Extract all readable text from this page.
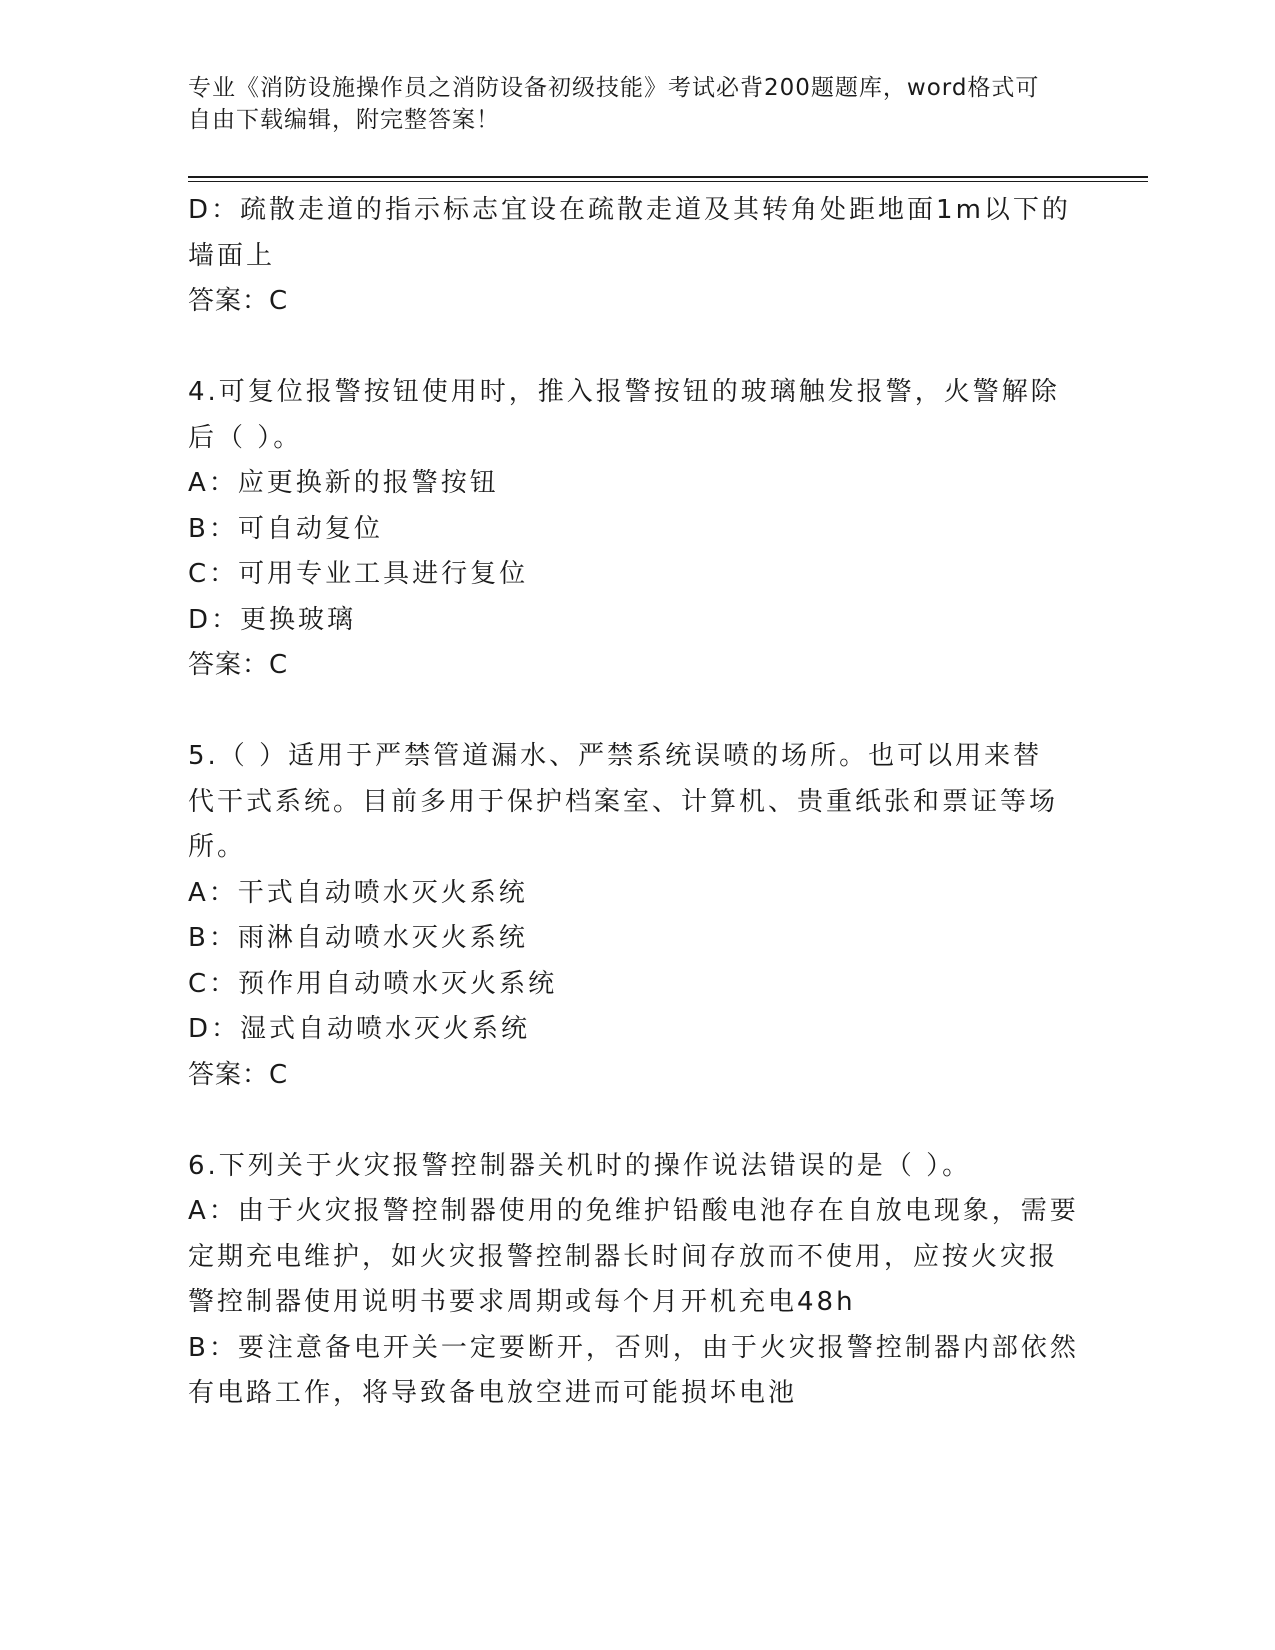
专业《消防设施操作员之消防设备初级技能》考试必背200题题库，word格式可
自由下载编辑，附完整答案！
D：疏散走道的指示标志宜设在疏散走道及其转角处距地面1m以下的
墙面上
答案：C
4.可复位报警按钮使用时，推入报警按钮的玻璃触发报警，火警解除
后（ ）。
A：应更换新的报警按钮
B：可自动复位
C：可用专业工具进行复位
D：更换玻璃
答案：C
5.（ ）适用于严禁管道漏水、严禁系统误喷的场所。也可以用来替
代干式系统。目前多用于保护档案室、计算机、贵重纸张和票证等场
所。
A：干式自动喷水灭火系统
B：雨淋自动喷水灭火系统
C：预作用自动喷水灭火系统
D：湿式自动喷水灭火系统
答案：C
6.下列关于火灾报警控制器关机时的操作说法错误的是（ ）。
A：由于火灾报警控制器使用的免维护铅酸电池存在自放电现象，需要
定期充电维护，如火灾报警控制器长时间存放而不使用，应按火灾报
警控制器使用说明书要求周期或每个月开机充电48h
B：要注意备电开关一定要断开，否则，由于火灾报警控制器内部依然
有电路工作，将导致备电放空进而可能损坏电池
